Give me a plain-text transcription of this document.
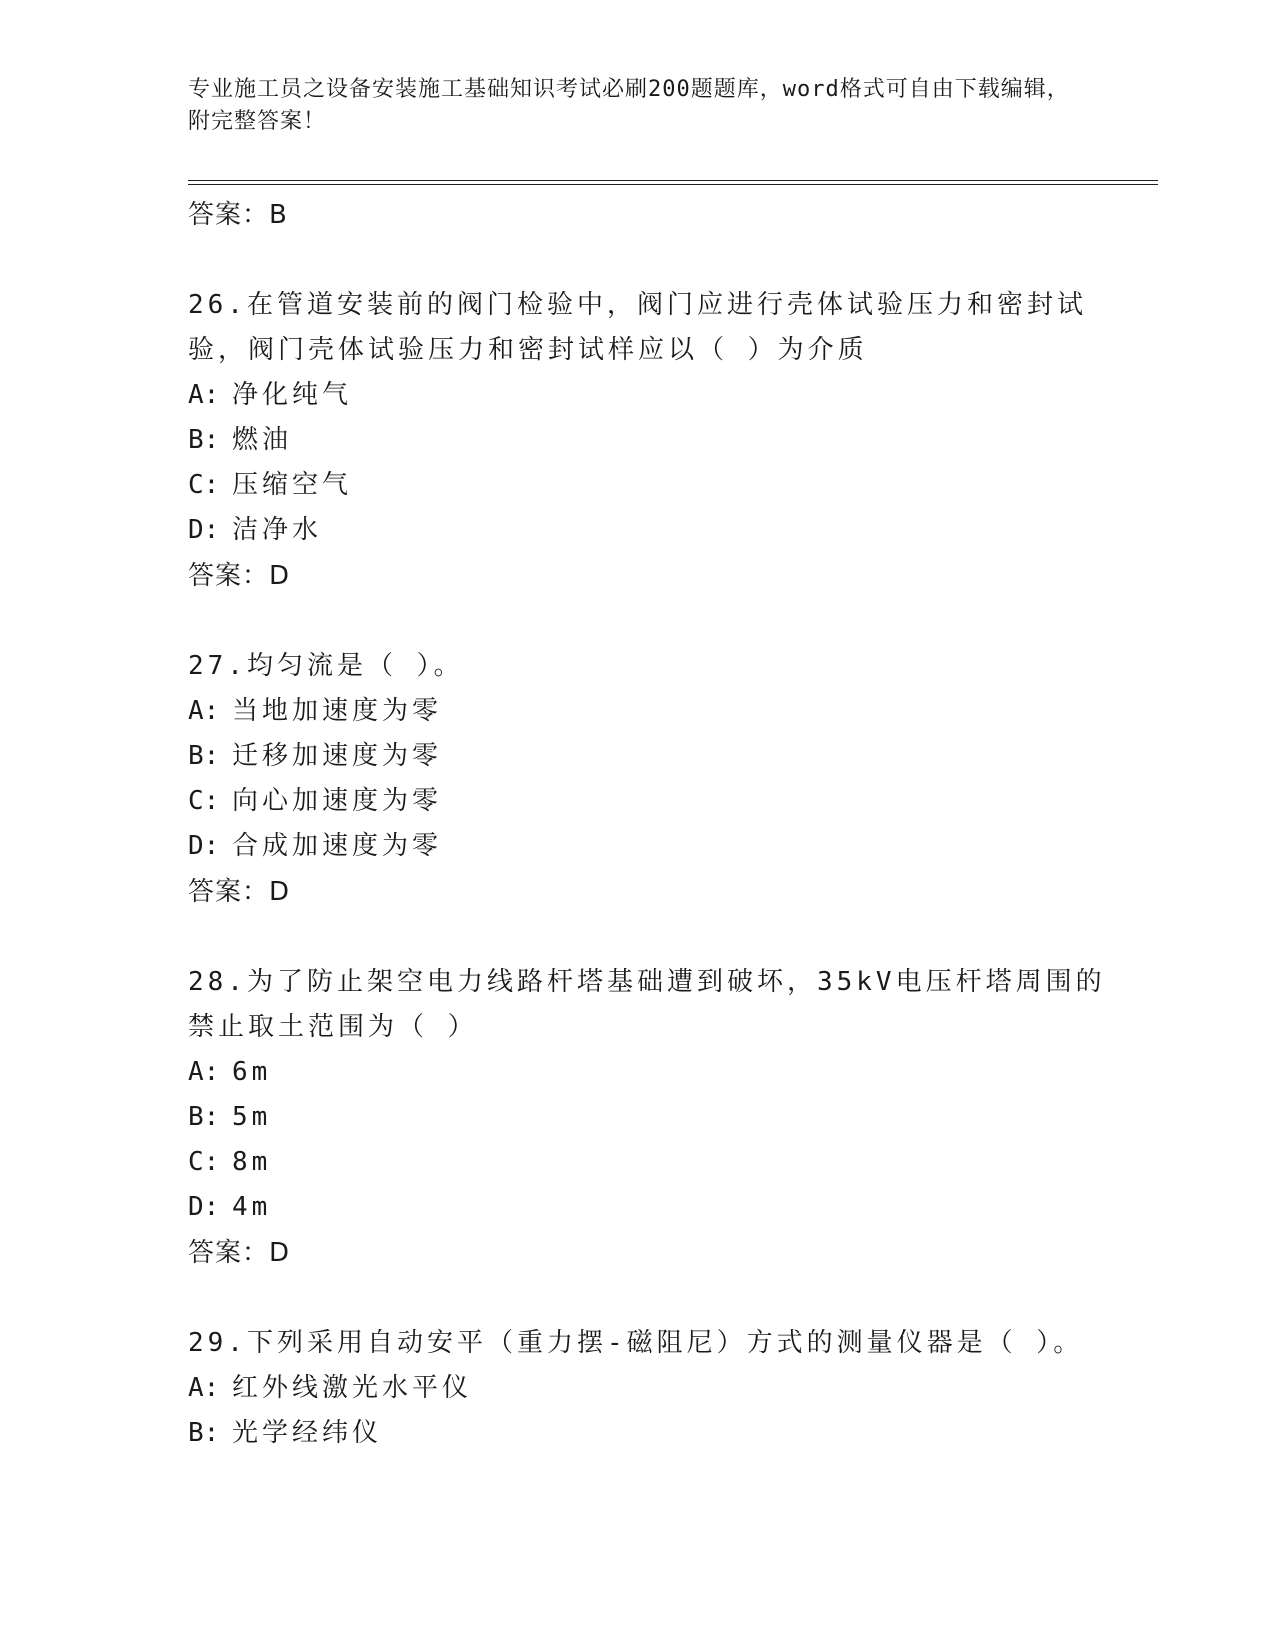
专业施工员之设备安装施工基础知识考试必刷200题题库，word格式可自由下载编辑，附完整答案！
答案：B
26.在管道安装前的阀门检验中，阀门应进行壳体试验压力和密封试验，阀门壳体试验压力和密封试样应以（ ）为介质
A: 净化纯气
B: 燃油
C: 压缩空气
D: 洁净水
答案：D
27.均匀流是（ ）。
A: 当地加速度为零
B: 迁移加速度为零
C: 向心加速度为零
D: 合成加速度为零
答案：D
28.为了防止架空电力线路杆塔基础遭到破坏，35kV电压杆塔周围的禁止取土范围为（ ）
A: 6m
B: 5m
C: 8m
D: 4m
答案：D
29.下列采用自动安平（重力摆-磁阻尼）方式的测量仪器是（ ）。
A: 红外线激光水平仪
B: 光学经纬仪
